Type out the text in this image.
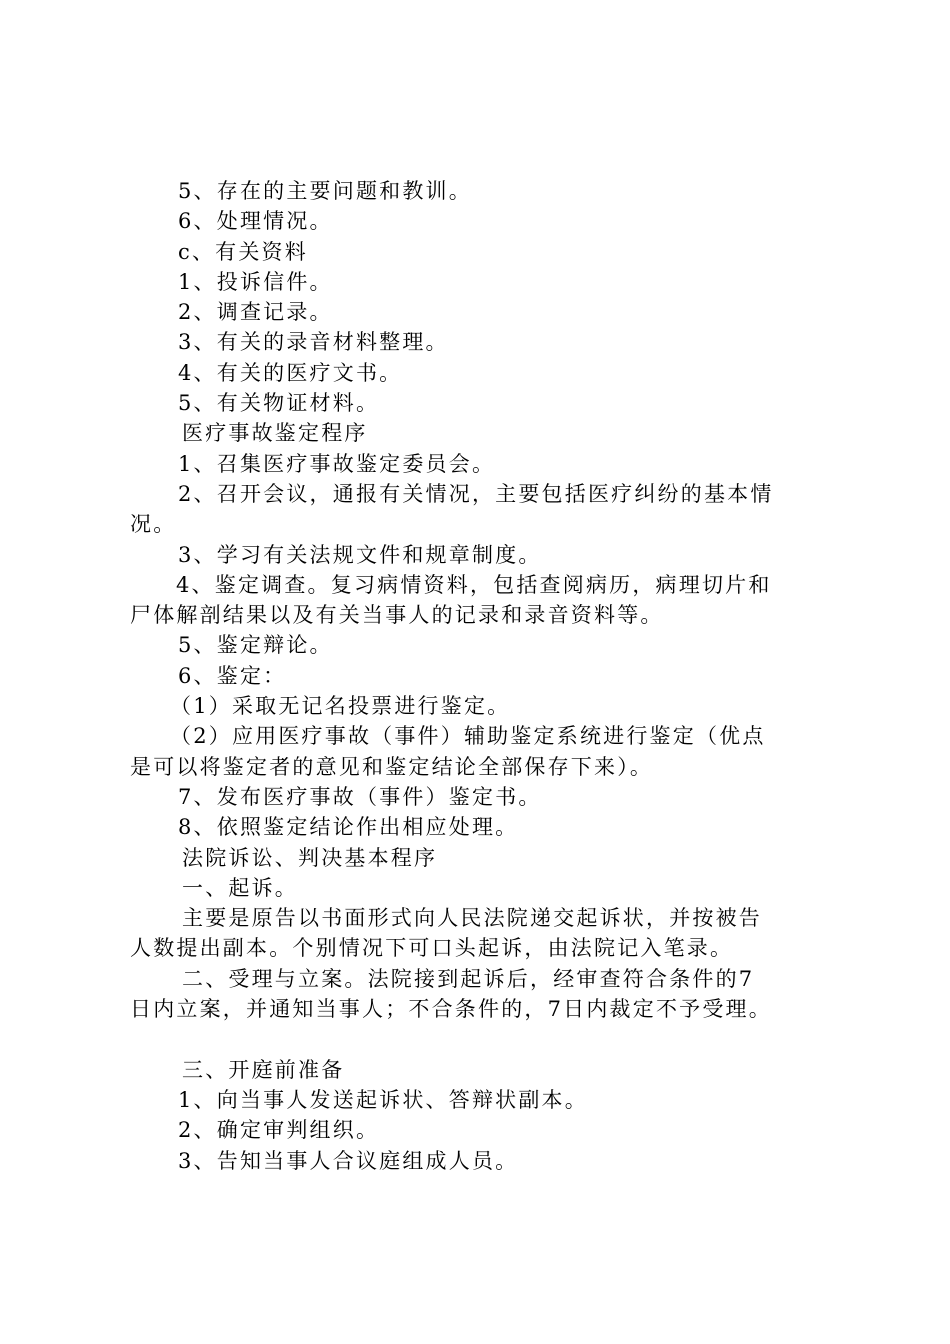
5、存在的主要问题和教训。
6、处理情况。
c、有关资料
1、投诉信件。
2、调查记录。
3、有关的录音材料整理。
4、有关的医疗文书。
5、有关物证材料。
医疗事故鉴定程序
1、召集医疗事故鉴定委员会。
2、召开会议，通报有关情况，主要包括医疗纠纷的基本情
况。
3、学习有关法规文件和规章制度。
4、鉴定调查。复习病情资料，包括查阅病历，病理切片和
尸体解剖结果以及有关当事人的记录和录音资料等。
5、鉴定辩论。
6、鉴定：
（1）采取无记名投票进行鉴定。
（2）应用医疗事故（事件）辅助鉴定系统进行鉴定（优点
是可以将鉴定者的意见和鉴定结论全部保存下来）。
7、发布医疗事故（事件）鉴定书。
8、依照鉴定结论作出相应处理。
法院诉讼、判决基本程序
一、起诉。
主要是原告以书面形式向人民法院递交起诉状，并按被告
人数提出副本。个别情况下可口头起诉，由法院记入笔录。
二、受理与立案。法院接到起诉后，经审查符合条件的7
日内立案，并通知当事人；不合条件的，7日内裁定不予受理。
三、开庭前准备
1、向当事人发送起诉状、答辩状副本。
2、确定审判组织。
3、告知当事人合议庭组成人员。
